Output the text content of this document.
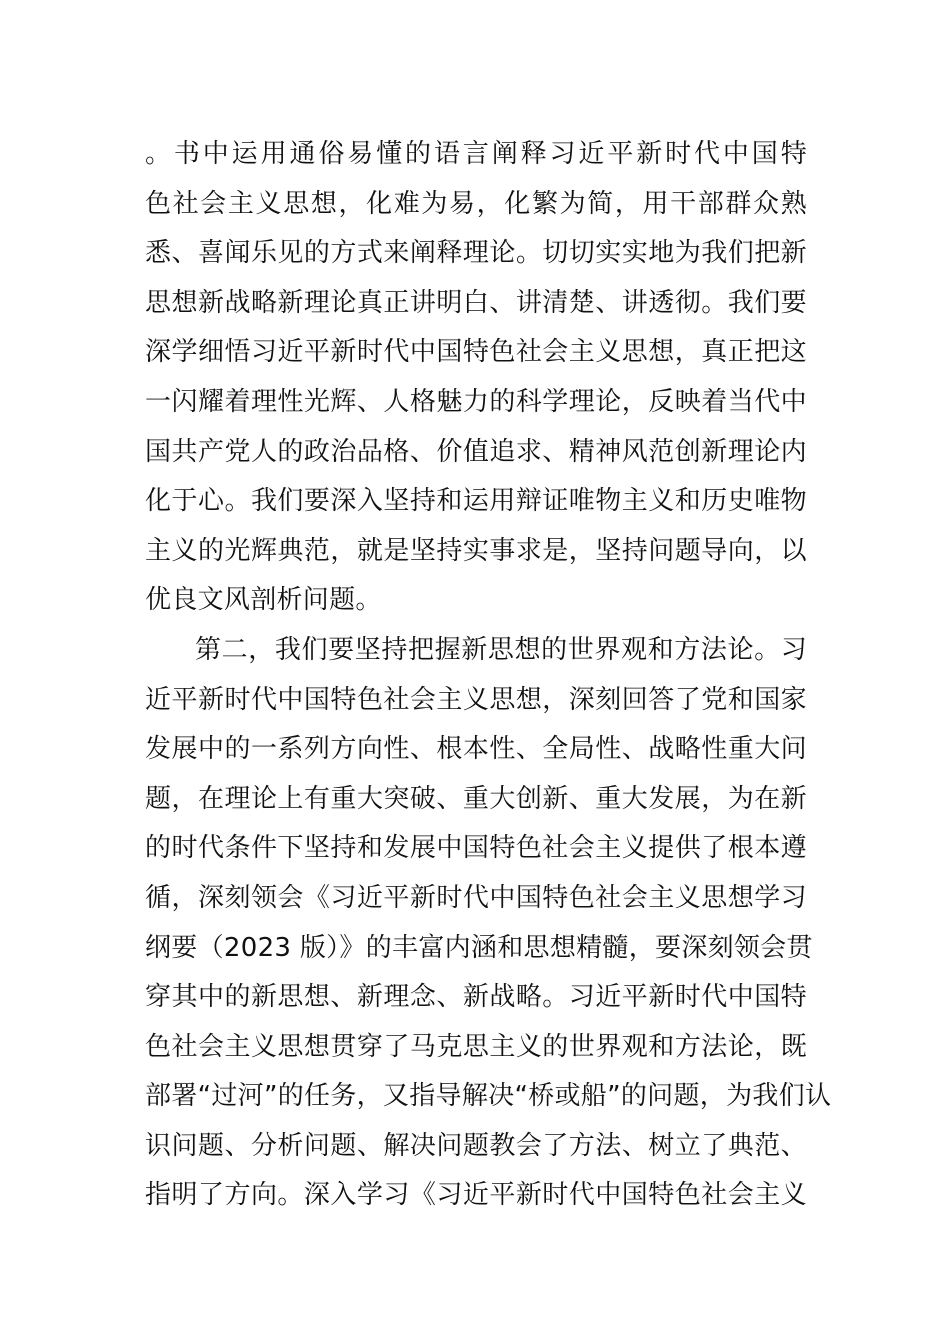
。书中运用通俗易懂的语言阐释习近平新时代中国特
色社会主义思想，化难为易，化繁为简，用干部群众熟
悉、喜闻乐见的方式来阐释理论。切切实实地为我们把新
思想新战略新理论真正讲明白、讲清楚、讲透彻。我们要
深学细悟习近平新时代中国特色社会主义思想，真正把这
一闪耀着理性光辉、人格魅力的科学理论，反映着当代中
国共产党人的政治品格、价值追求、精神风范创新理论内
化于心。我们要深入坚持和运用辩证唯物主义和历史唯物
主义的光辉典范，就是坚持实事求是，坚持问题导向，以
优良文风剖析问题。
第二，我们要坚持把握新思想的世界观和方法论。习
近平新时代中国特色社会主义思想，深刻回答了党和国家
发展中的一系列方向性、根本性、全局性、战略性重大问
题，在理论上有重大突破、重大创新、重大发展，为在新
的时代条件下坚持和发展中国特色社会主义提供了根本遵
循，深刻领会《习近平新时代中国特色社会主义思想学习
纲要（2023 版）》的丰富内涵和思想精髓，要深刻领会贯
穿其中的新思想、新理念、新战略。习近平新时代中国特
色社会主义思想贯穿了马克思主义的世界观和方法论，既
部署“过河”的任务，又指导解决“桥或船”的问题，为我们认
识问题、分析问题、解决问题教会了方法、树立了典范、
指明了方向。深入学习《习近平新时代中国特色社会主义
